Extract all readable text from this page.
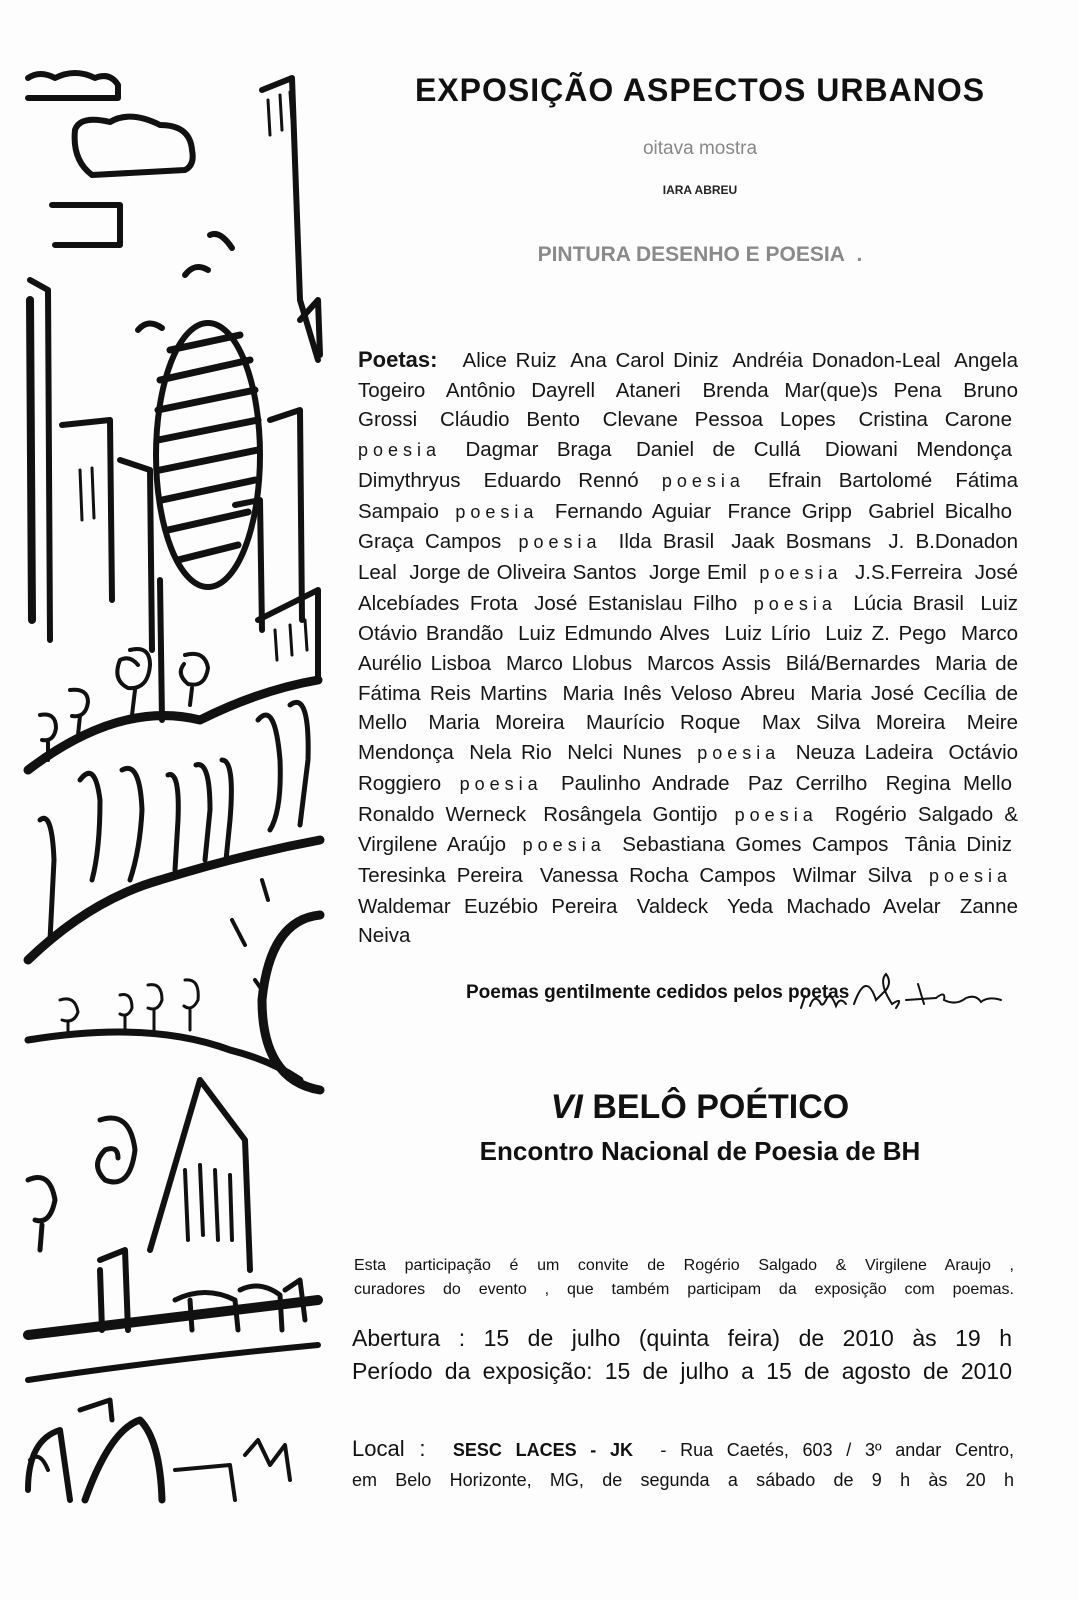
EXPOSIÇÃO ASPECTOS URBANOS
oitava mostra
IARA ABREU
PINTURA DESENHO E POESIA .
Poetas: Alice Ruiz Ana Carol Diniz Andréia Donadon-Leal Angela Togeiro Antônio Dayrell Ataneri Brenda Mar(que)s Pena Bruno Grossi Cláudio Bento Clevane Pessoa Lopes Cristina Carone poesia Dagmar Braga Daniel de Cullá Diowani Mendonça Dimythryus Eduardo Rennó poesia Efrain Bartolomé Fátima Sampaio poesia Fernando Aguiar France Gripp Gabriel Bicalho Graça Campos poesia Ilda Brasil Jaak Bosmans J. B.Donadon Leal Jorge de Oliveira Santos Jorge Emil poesia J.S.Ferreira José Alcebíades Frota José Estanislau Filho poesia Lúcia Brasil Luiz Otávio Brandão Luiz Edmundo Alves Luiz Lírio Luiz Z. Pego Marco Aurélio Lisboa Marco Llobus Marcos Assis Bilá/Bernardes Maria de Fátima Reis Martins Maria Inês Veloso Abreu Maria José Cecília de Mello Maria Moreira Maurício Roque Max Silva Moreira Meire Mendonça Nela Rio Nelci Nunes poesia Neuza Ladeira Octávio Roggiero poesia Paulinho Andrade Paz Cerrilho Regina Mello Ronaldo Werneck Rosângela Gontijo poesia Rogério Salgado & Virgilene Araújo poesia Sebastiana Gomes Campos Tânia Diniz Teresinka Pereira Vanessa Rocha Campos Wilmar Silva poesia Waldemar Euzébio Pereira Valdeck Yeda Machado Avelar Zanne Neiva
Poemas gentilmente cedidos pelos poetas
VI BELÔ POÉTICO
Encontro Nacional de Poesia de BH

Esta participação é um convite de Rogério Salgado & Virgilene Araujo ,

curadores do evento , que também participam da exposição com poemas.

Abertura : 15 de julho (quinta feira) de 2010 às 19 h

Período da exposição: 15 de julho a 15 de agosto de 2010

Local : SESC LACES - JK - Rua Caetés, 603 / 3º andar Centro,

em Belo Horizonte, MG, de segunda a sábado de 9 h às 20 h
